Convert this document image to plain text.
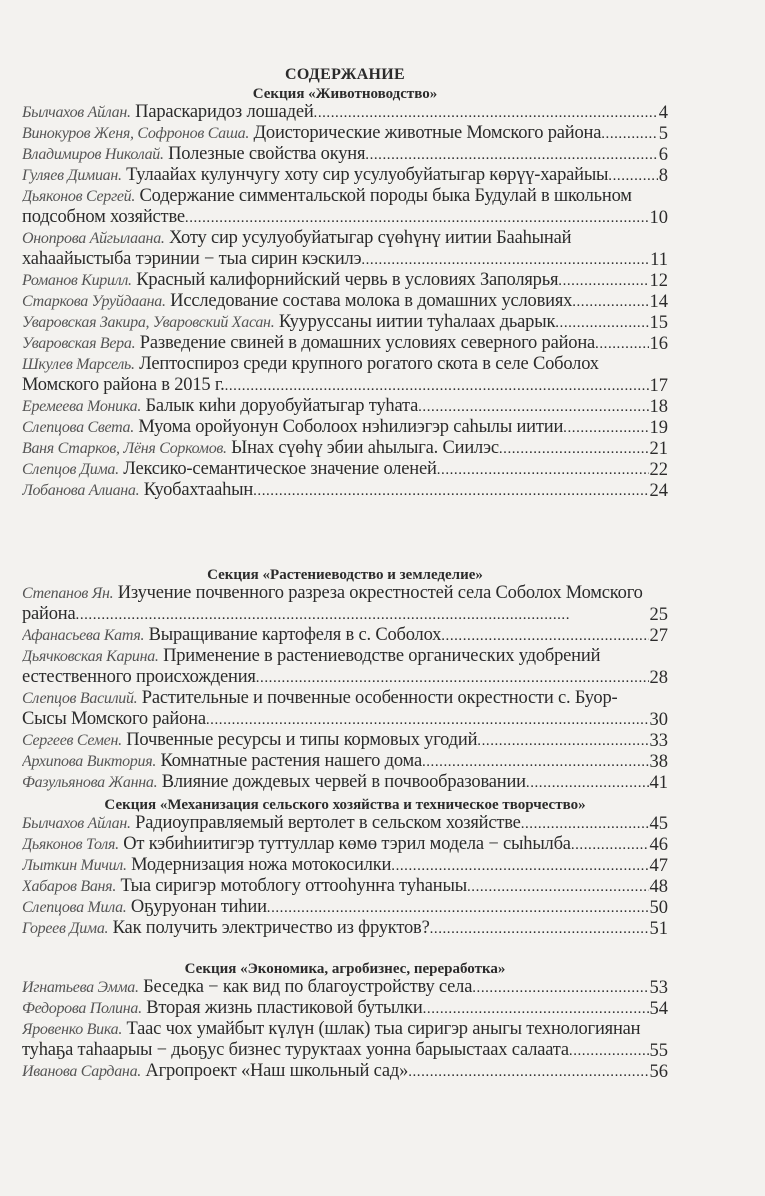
СОДЕРЖАНИЕ
Секция «Животноводство»
Былчахов Айлан. Параскаридоз лошадей . . .	4
Винокуров Женя, Софронов Саша. Доисторические животные Момского района . . .	5
Владимиров Николай. Полезные свойства окуня . . .	6
Гуляев Димиан. Тулаайах кулунчугу хоту сир усулуобуйатыгар көрүү-харайыы . . .	8
Дьяконов Сергей. Содержание симментальской породы быка Будулай в школьном подсобном хозяйстве . . .	10
Онопрова Айгылаана. Хоту сир усулуобуйатыгар сүөһүнү иитии Бааһынай хаһаайыстыба тэринии − тыа сирин кэскилэ . . .	11
Романов Кирилл. Красный калифорнийский червь в условиях Заполярья . . .	12
Старкова Уруйдаана. Исследование состава молока в домашних условиях . . .	14
Уваровская Закира, Уваровский Хасан. Кууруссаны иитии туһалаах дьарык . . .	15
Уваровская Вера. Разведение свиней в домашних условиях северного района . . .	16
Шкулев Марсель. Лептоспироз среди крупного рогатого скота в селе Соболох Момского района в 2015 г. . . .	17
Еремеева Моника. Балык киһи доруобуйатыгар туһата . . .	18
Слепцова Света. Муома оройуонун Соболоох нэһилиэгэр саһылы иитии . . .	19
Ваня Старков, Лёня Соркомов. Ынах сүөһү эбии аһылыга. Сиилэс . . .	21
Слепцов Дима. Лексико-семантическое значение оленей . . .	22
Лобанова Алиана. Куобахтааһын . . .	24
Секция «Растениеводство и земледелие»
Степанов Ян. Изучение почвенного разреза окрестностей села Соболох Момского района . . .	25
Афанасьева Катя. Выращивание картофеля в с. Соболох . . .	27
Дьячковская Карина. Применение в растениеводстве органических удобрений естественного происхождения . . .	28
Слепцов Василий. Растительные и почвенные особенности окрестности с. Буор-Сысы Момского района . . .	30
Сергеев Семен. Почвенные ресурсы и типы кормовых угодий . . .	33
Архипова Виктория. Комнатные растения нашего дома . . .	38
Фазульянова Жанна. Влияние дождевых червей в почвообразовании . . .	41
Секция «Механизация сельского хозяйства и техническое творчество»
Былчахов Айлан. Радиоуправляемый вертолет в сельском хозяйстве . . .	45
Дьяконов Толя. От кэбиһиитигэр туттуллар көмө тэрил модела − сыһылба . . .	46
Лыткин Мичил. Модернизация ножа мотокосилки . . .	47
Хабаров Ваня. Тыа сиригэр мотоблогу оттооһунҥа туһаныы . . .	48
Слепцова Мила. Оҕуруонан тиһии . . .	50
Гореев Дима. Как получить электричество из фруктов? . . .	51
Секция «Экономика, агробизнес, переработка»
Игнатьева Эмма. Беседка − как вид по благоустройству села . . .	53
Федорова Полина. Вторая жизнь пластиковой бутылки . . .	54
Яровенко Вика. Таас чох умайбыт күлүн (шлак) тыа сиригэр аныгы технологиянан туһаҕа таһаарыы − дьоҕус бизнес туруктаах уонна барыыстаах салаата . . .	55
Иванова Сардана. Агропроект «Наш школьный сад» . . .	56
